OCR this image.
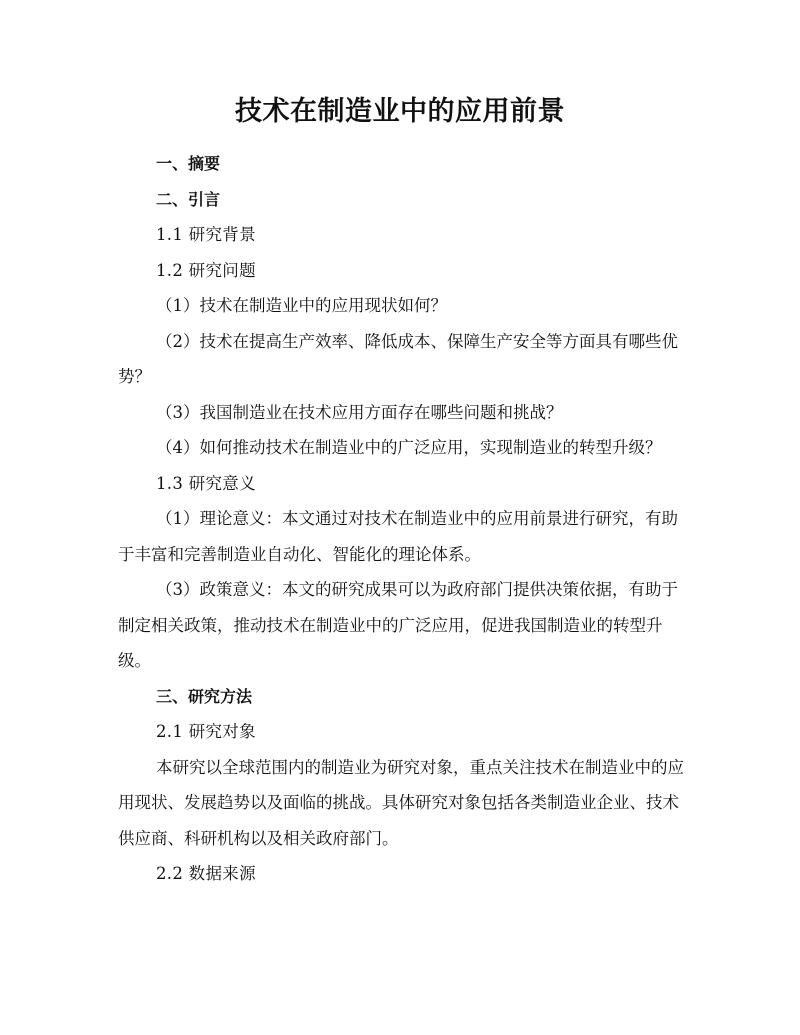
技术在制造业中的应用前景

一、摘要

二、引言

1.1 研究背景

1.2 研究问题

（1）技术在制造业中的应用现状如何？

（2）技术在提高生产效率、降低成本、保障生产安全等方面具有哪些优势？

（3）我国制造业在技术应用方面存在哪些问题和挑战？

（4）如何推动技术在制造业中的广泛应用，实现制造业的转型升级？

1.3 研究意义

（1）理论意义：本文通过对技术在制造业中的应用前景进行研究，有助于丰富和完善制造业自动化、智能化的理论体系。

（3）政策意义：本文的研究成果可以为政府部门提供决策依据，有助于制定相关政策，推动技术在制造业中的广泛应用，促进我国制造业的转型升级。

三、研究方法

2.1 研究对象

本研究以全球范围内的制造业为研究对象，重点关注技术在制造业中的应用现状、发展趋势以及面临的挑战。具体研究对象包括各类制造业企业、技术供应商、科研机构以及相关政府部门。

2.2 数据来源
